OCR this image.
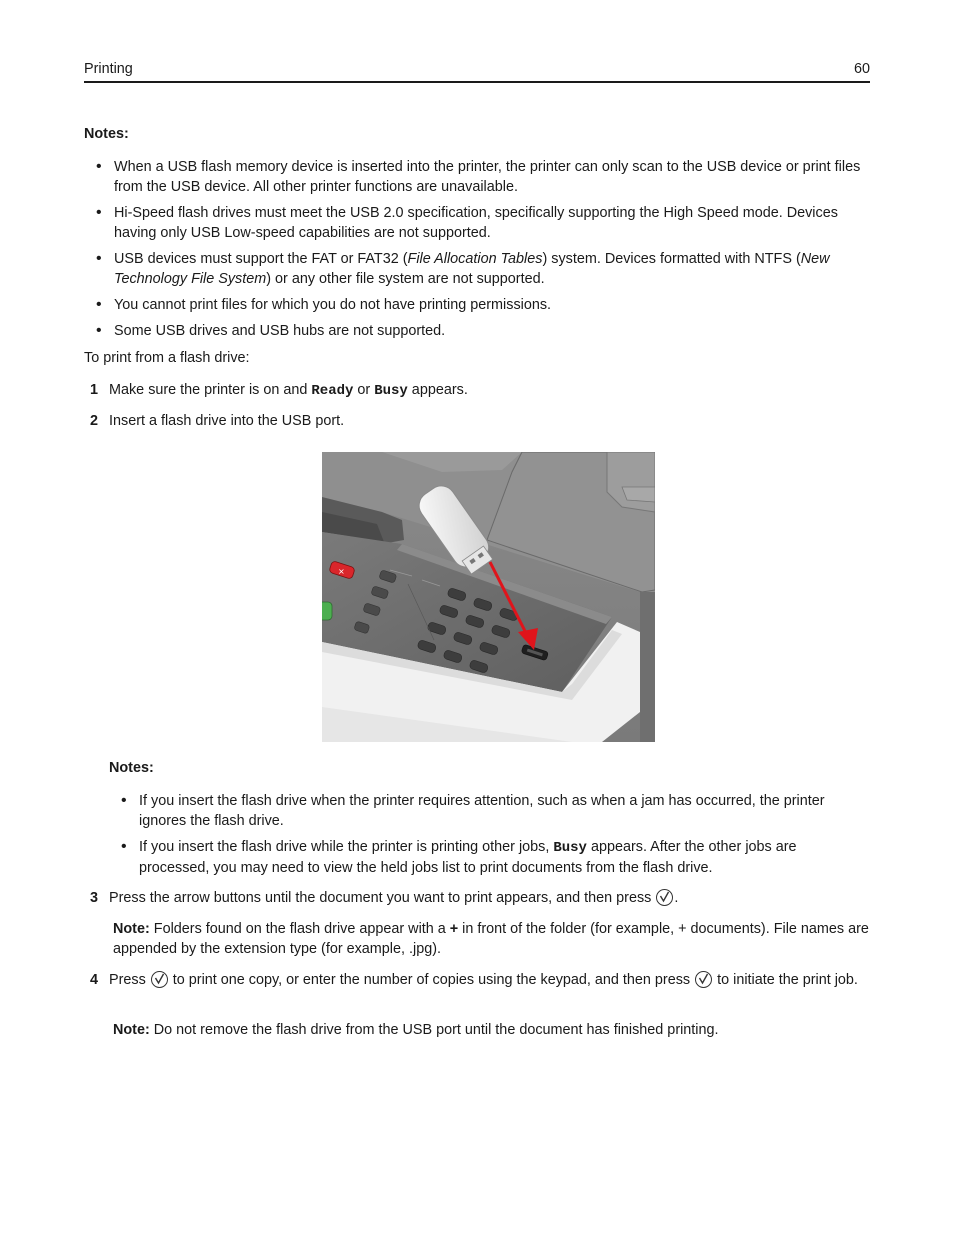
Printing	60
Notes:
• When a USB flash memory device is inserted into the printer, the printer can only scan to the USB device or print files from the USB device. All other printer functions are unavailable.
• Hi-Speed flash drives must meet the USB 2.0 specification, specifically supporting the High Speed mode. Devices having only USB Low-speed capabilities are not supported.
• USB devices must support the FAT or FAT32 (File Allocation Tables) system. Devices formatted with NTFS (New Technology File System) or any other file system are not supported.
• You cannot print files for which you do not have printing permissions.
• Some USB drives and USB hubs are not supported.
To print from a flash drive:
1 Make sure the printer is on and Ready or Busy appears.
2 Insert a flash drive into the USB port.
×
Notes:
• If you insert the flash drive when the printer requires attention, such as when a jam has occurred, the printer ignores the flash drive.
• If you insert the flash drive while the printer is printing other jobs, Busy appears. After the other jobs are processed, you may need to view the held jobs list to print documents from the flash drive.
3 Press the arrow buttons until the document you want to print appears, and then press
.
Note: Folders found on the flash drive appear with a + in front of the folder (for example, + documents). File names are appended by the extension type (for example, .jpg).
4 Press
to print one copy, or enter the number of copies using the keypad, and then press
to initiate the print job.
Note: Do not remove the flash drive from the USB port until the document has finished printing.
